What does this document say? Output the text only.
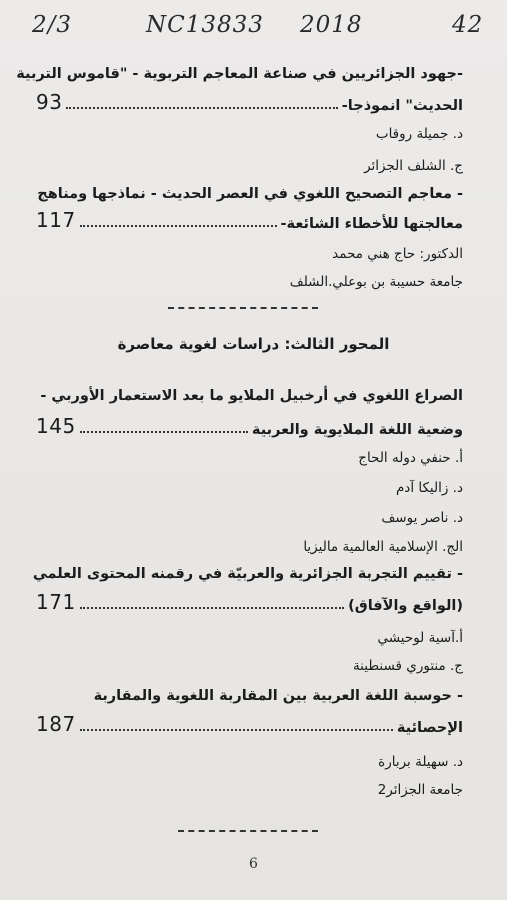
2/3	NC13833 2018	42
-جهود الجزائريين في صناعة المعاجم التربوية - "قاموس التربية
الحديث" انموذجا-
93
د. جميلة روقاب
ج. الشلف الجزائر
- معاجم التصحيح اللغوي في العصر الحديث - نماذجها ومناهج
معالجتها للأخطاء الشائعة-
117
الدكتور: حاج هني محمد
جامعة حسيبة بن بوعلي.الشلف
المحور الثالث: دراسات لغوية معاصرة
الصراع اللغوي في أرخبيل الملايو ما بعد الاستعمار الأوربي -
وضعية اللغة الملايوية والعربية
145
أ. حنفي دوله الحاج
د. زاليكا آدم
د. ناصر يوسف
الج. الإسلامية العالمية ماليزيا
- تقييم التجربة الجزائرية والعربيّة في رقمنه المحتوى العلمي
(الواقع والآفاق)
171
أ.آسية لوحيشي
ج. منتوري قسنطينة
- حوسبة اللغة العربية بين المقاربة اللغوية والمقاربة
الإحصائية
187
د. سهيلة بربارة
جامعة الجزائر2
6
